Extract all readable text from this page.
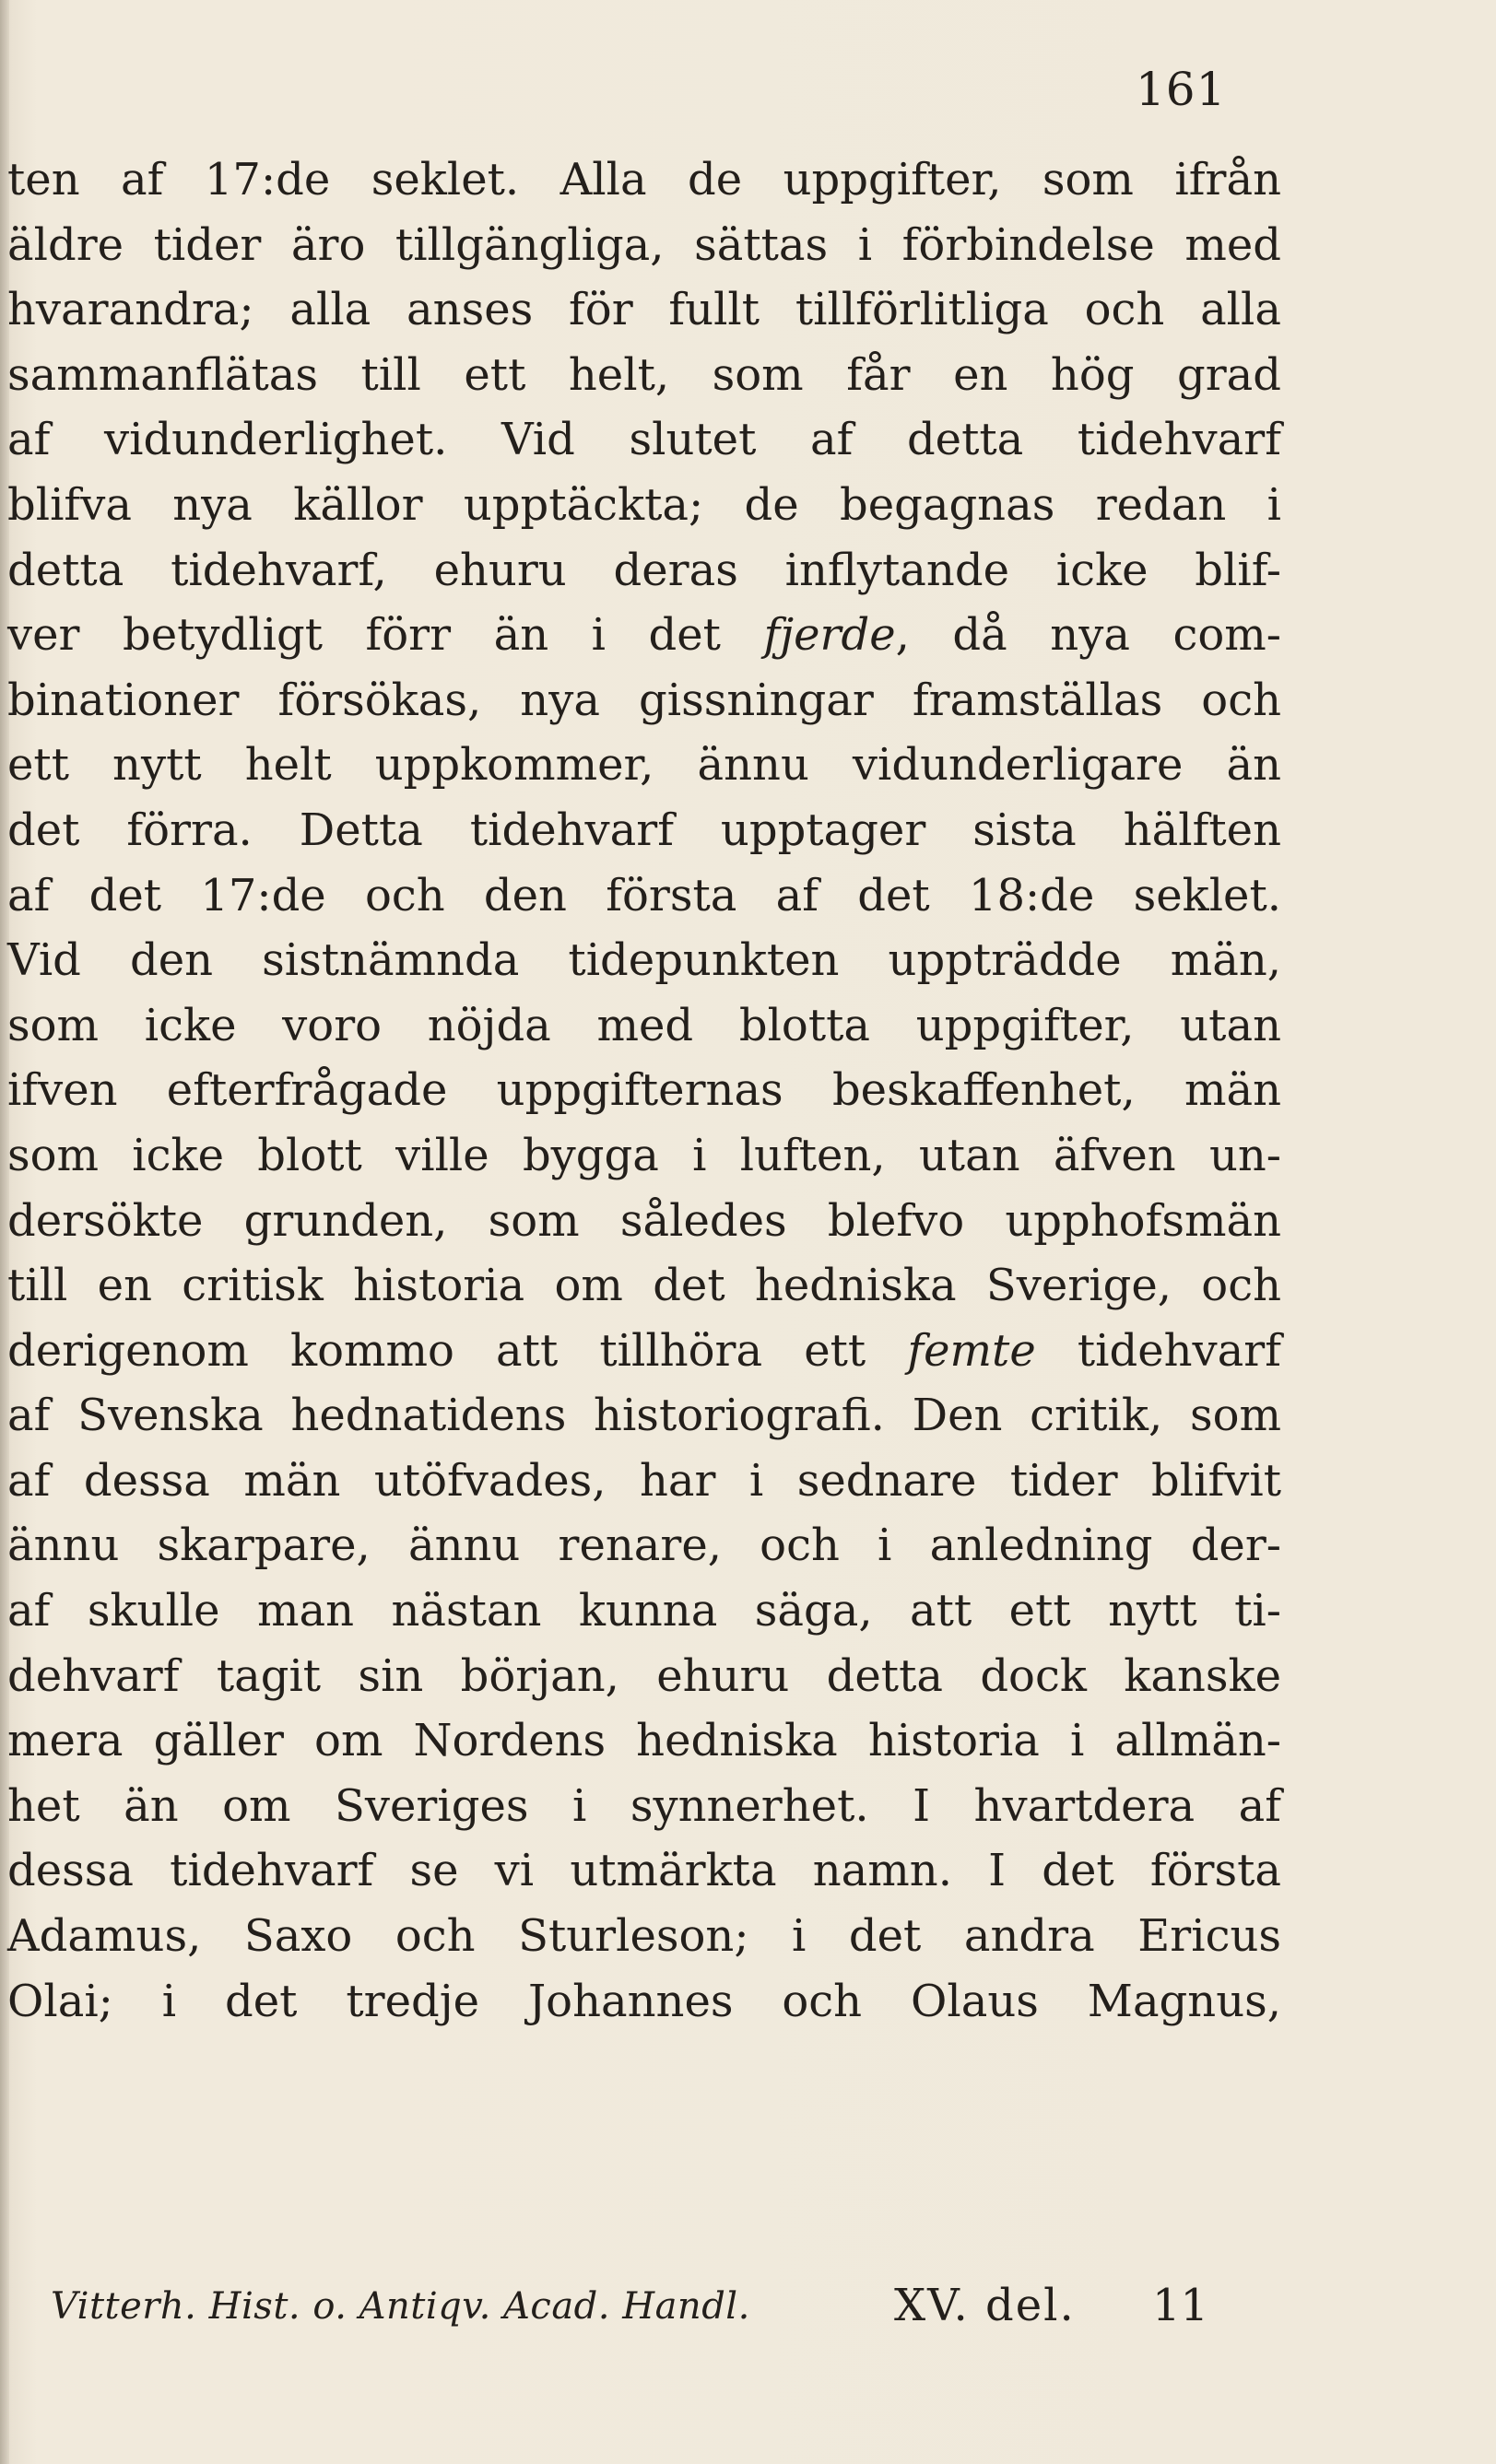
161
ten af 17:de seklet. Alla de uppgifter, som ifrån
äldre tider äro tillgängliga, sättas i förbindelse med
hvarandra; alla anses för fullt tillförlitliga och alla
sammanflätas till ett helt, som får en hög grad
af vidunderlighet. Vid slutet af detta tidehvarf
blifva nya källor upptäckta; de begagnas redan i
detta tidehvarf, ehuru deras inflytande icke blif-
ver betydligt förr än i det fjerde, då nya com-
binationer försökas, nya gissningar framställas och
ett nytt helt uppkommer, ännu vidunderligare än
det förra. Detta tidehvarf upptager sista hälften
af det 17:de och den första af det 18:de seklet.
Vid den sistnämnda tidepunkten uppträdde män,
som icke voro nöjda med blotta uppgifter, utan
ifven efterfrågade uppgifternas beskaffenhet, män
som icke blott ville bygga i luften, utan äfven un-
dersökte grunden, som således blefvo upphofsmän
till en critisk historia om det hedniska Sverige, och
derigenom kommo att tillhöra ett femte tidehvarf
af Svenska hednatidens historiografi. Den critik, som
af dessa män utöfvades, har i sednare tider blifvit
ännu skarpare, ännu renare, och i anledning der-
af skulle man nästan kunna säga, att ett nytt ti-
dehvarf tagit sin början, ehuru detta dock kanske
mera gäller om Nordens hedniska historia i allmän-
het än om Sveriges i synnerhet. I hvartdera af
dessa tidehvarf se vi utmärkta namn. I det första
Adamus, Saxo och Sturleson; i det andra Ericus
Olai; i det tredje Johannes och Olaus Magnus,
Vitterh. Hist. o. Antiqv. Acad. Handl.	XV. del. 11
